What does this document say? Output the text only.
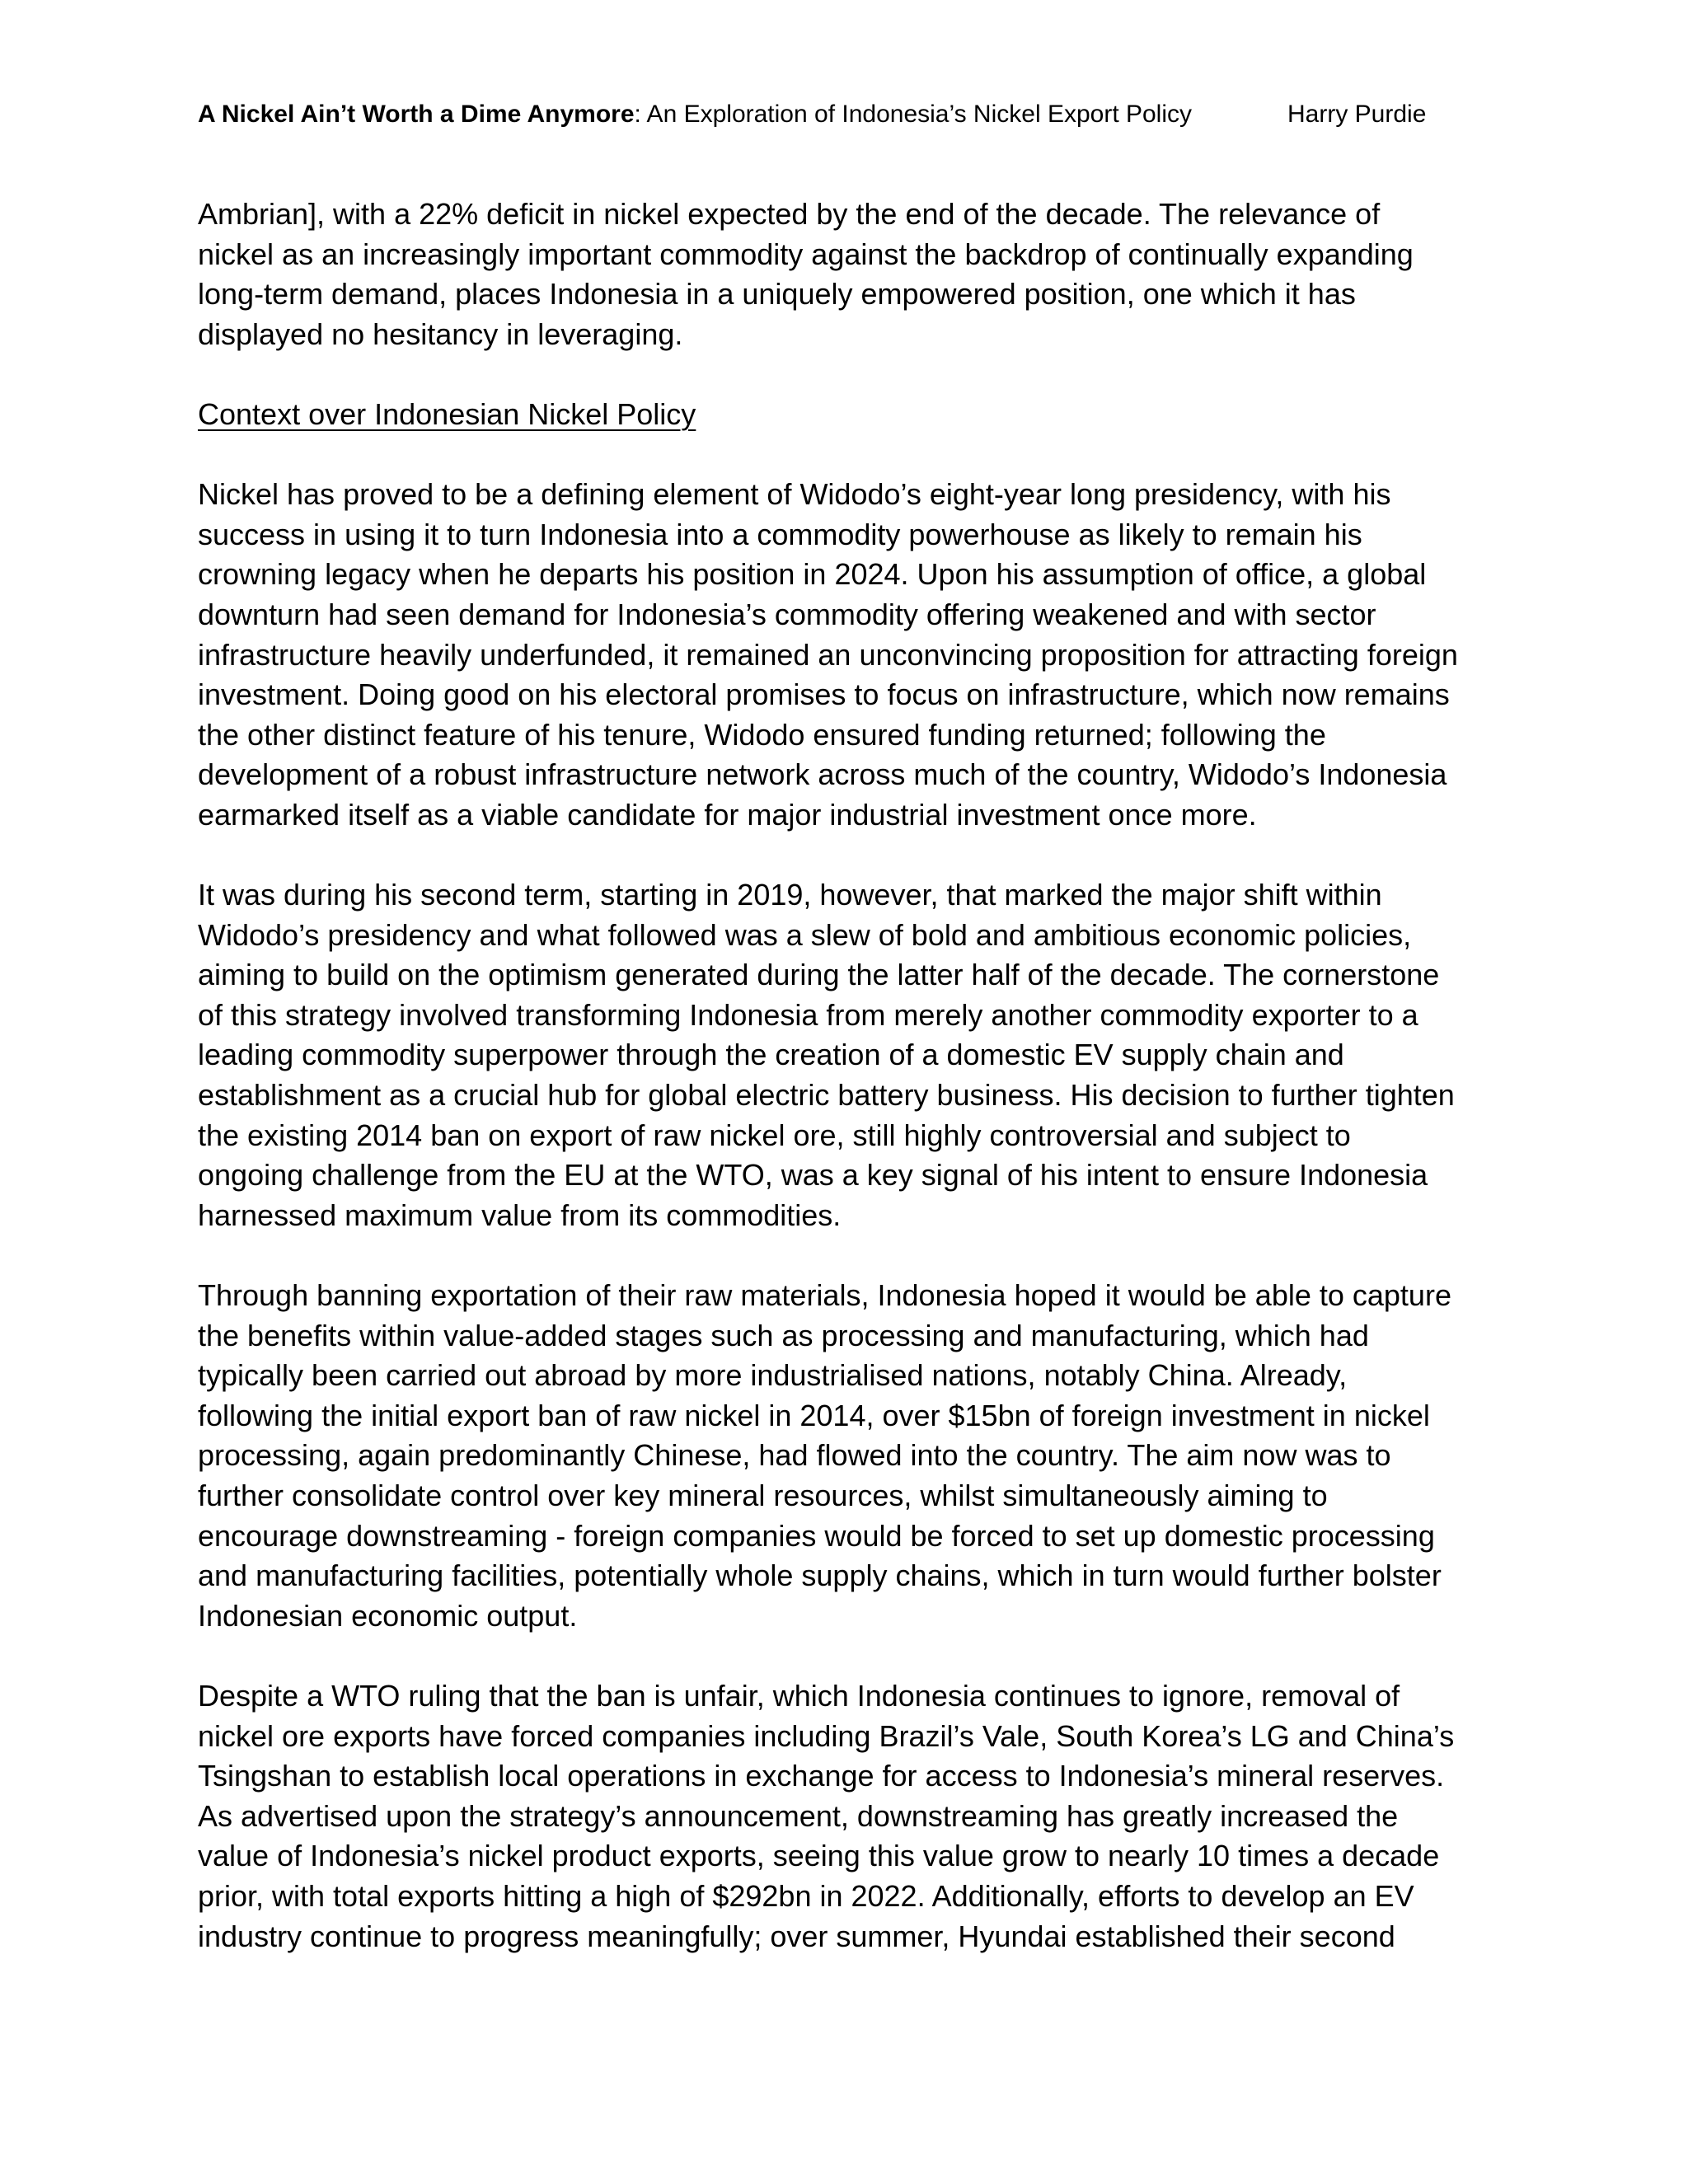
A Nickel Ain’t Worth a Dime Anymore: An Exploration of Indonesia’s Nickel Export Policy	Harry Purdie
Ambrian], with a 22% deficit in nickel expected by the end of the decade. The relevance of
nickel as an increasingly important commodity against the backdrop of continually expanding
long-term demand, places Indonesia in a uniquely empowered position, one which it has
displayed no hesitancy in leveraging.
Context over Indonesian Nickel Policy
Nickel has proved to be a defining element of Widodo’s eight-year long presidency, with his
success in using it to turn Indonesia into a commodity powerhouse as likely to remain his
crowning legacy when he departs his position in 2024. Upon his assumption of office, a global
downturn had seen demand for Indonesia’s commodity offering weakened and with sector
infrastructure heavily underfunded, it remained an unconvincing proposition for attracting foreign
investment. Doing good on his electoral promises to focus on infrastructure, which now remains
the other distinct feature of his tenure, Widodo ensured funding returned; following the
development of a robust infrastructure network across much of the country, Widodo’s Indonesia
earmarked itself as a viable candidate for major industrial investment once more.
It was during his second term, starting in 2019, however, that marked the major shift within
Widodo’s presidency and what followed was a slew of bold and ambitious economic policies,
aiming to build on the optimism generated during the latter half of the decade. The cornerstone
of this strategy involved transforming Indonesia from merely another commodity exporter to a
leading commodity superpower through the creation of a domestic EV supply chain and
establishment as a crucial hub for global electric battery business. His decision to further tighten
the existing 2014 ban on export of raw nickel ore, still highly controversial and subject to
ongoing challenge from the EU at the WTO, was a key signal of his intent to ensure Indonesia
harnessed maximum value from its commodities.
Through banning exportation of their raw materials, Indonesia hoped it would be able to capture
the benefits within value-added stages such as processing and manufacturing, which had
typically been carried out abroad by more industrialised nations, notably China. Already,
following the initial export ban of raw nickel in 2014, over $15bn of foreign investment in nickel
processing, again predominantly Chinese, had flowed into the country. The aim now was to
further consolidate control over key mineral resources, whilst simultaneously aiming to
encourage downstreaming - foreign companies would be forced to set up domestic processing
and manufacturing facilities, potentially whole supply chains, which in turn would further bolster
Indonesian economic output.
Despite a WTO ruling that the ban is unfair, which Indonesia continues to ignore, removal of
nickel ore exports have forced companies including Brazil’s Vale, South Korea’s LG and China’s
Tsingshan to establish local operations in exchange for access to Indonesia’s mineral reserves.
As advertised upon the strategy’s announcement, downstreaming has greatly increased the
value of Indonesia’s nickel product exports, seeing this value grow to nearly 10 times a decade
prior, with total exports hitting a high of $292bn in 2022. Additionally, efforts to develop an EV
industry continue to progress meaningfully; over summer, Hyundai established their second
